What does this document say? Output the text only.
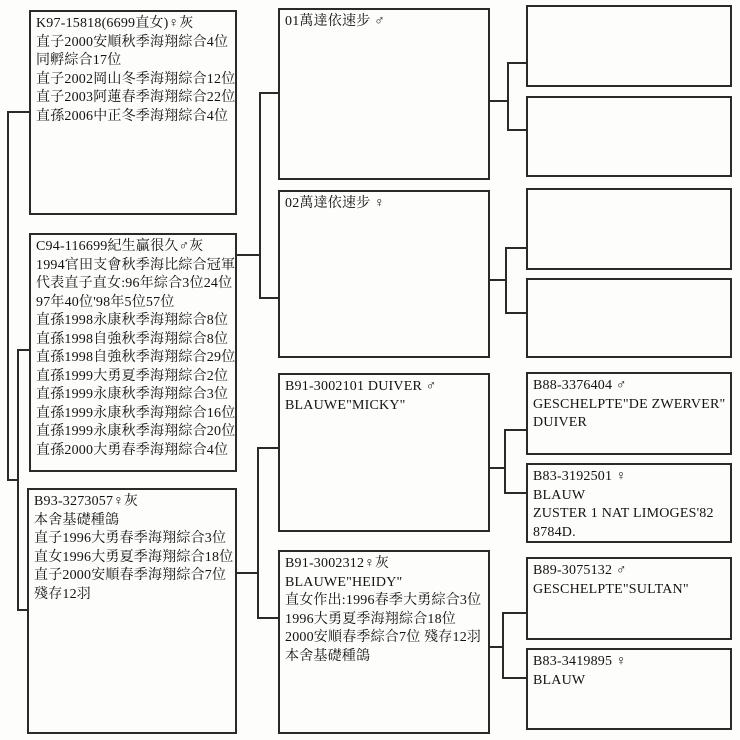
K97-15818(6699直女)♀灰
直子2000安順秋季海翔綜合4位
同孵綜合17位
直子2002岡山冬季海翔綜合12位
直子2003阿蓮春季海翔綜合22位
直孫2006中正冬季海翔綜合4位
C94-116699紀生贏很久♂灰
1994官田支會秋季海比綜合冠軍
代表直子直女:96年綜合3位24位
97年40位'98年5位57位
直孫1998永康秋季海翔綜合8位
直孫1998自強秋季海翔綜合8位
直孫1998自強秋季海翔綜合29位
直孫1999大勇夏季海翔綜合2位
直孫1999永康秋季海翔綜合3位
直孫1999永康秋季海翔綜合16位
直孫1999永康秋季海翔綜合20位
直孫2000大勇春季海翔綜合4位
B93-3273057♀灰
本舍基礎種鴿
直子1996大勇春季海翔綜合3位
直女1996大勇夏季海翔綜合18位
直子2000安順春季海翔綜合7位
殘存12羽
01萬達依速步 ♂
02萬達依速步 ♀
B91-3002101 DUIVER ♂
BLAUWE"MICKY"
B91-3002312♀灰
BLAUWE"HEIDY"
直女作出:1996春季大勇綜合3位
1996大勇夏季海翔綜合18位
2000安順春季綜合7位 殘存12羽
本舍基礎種鴿
B88-3376404 ♂
GESCHELPTE"DE ZWERVER"
DUIVER
B83-3192501 ♀
BLAUW
ZUSTER 1 NAT LIMOGES'82
8784D.
B89-3075132 ♂
GESCHELPTE"SULTAN"
B83-3419895 ♀
BLAUW
